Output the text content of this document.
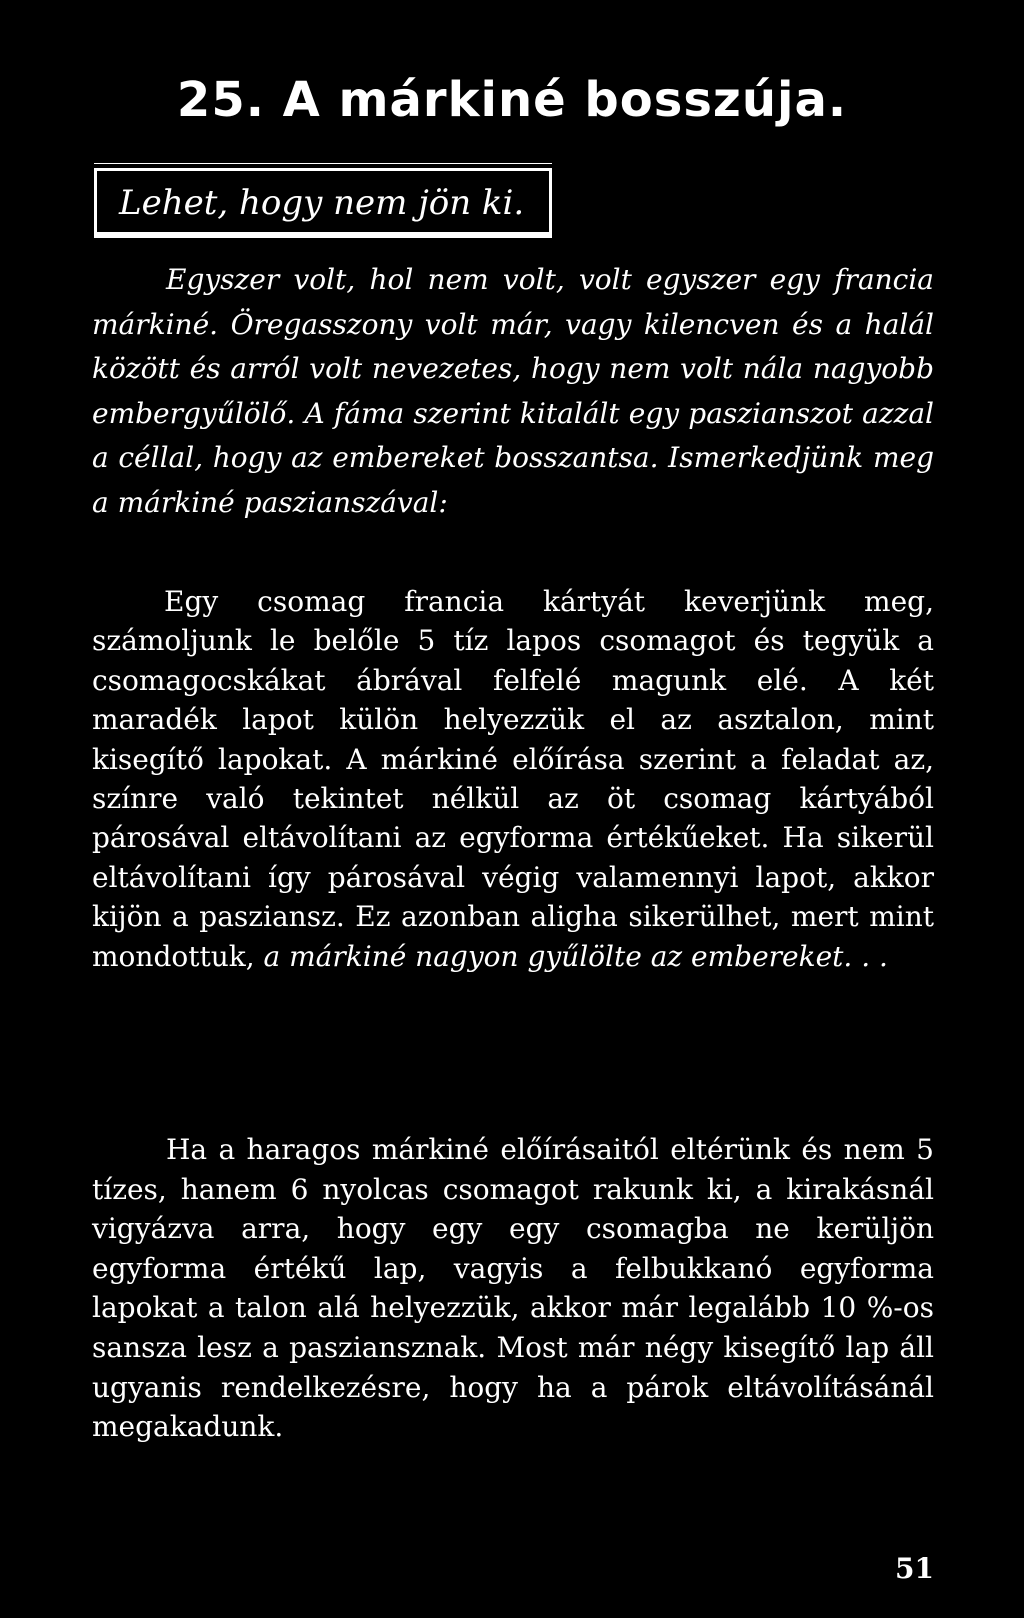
25. A márkiné bosszúja.
Lehet, hogy nem jön ki.

Egyszer volt, hol nem volt, volt egyszer egy francia márkiné. Öregasszony volt már, vagy kilencven és a halál között és arról volt nevezetes, hogy nem volt nála nagyobb embergyűlölő. A fáma szerint kitalált egy paszianszot azzal a céllal, hogy az embereket bosszantsa. Ismerkedjünk meg a márkiné paszianszával:

Egy csomag francia kártyát keverjünk meg, számoljunk le belőle 5 tíz lapos csomagot és tegyük a csomagocskákat ábrával felfelé magunk elé. A két maradék lapot külön helyezzük el az asztalon, mint kisegítő lapokat. A márkiné előírása szerint a feladat az, színre való tekintet nélkül az öt csomag kártyából párosával eltávolítani az egyforma értékűeket. Ha sikerül eltávolítani így párosával végig valamennyi lapot, akkor kijön a pasziansz. Ez azonban aligha sikerülhet, mert mint mondottuk, a márkiné nagyon gyűlölte az embereket. . .

Ha a haragos márkiné előírásaitól eltérünk és nem 5 tízes, hanem 6 nyolcas csomagot rakunk ki, a kirakásnál vigyázva arra, hogy egy egy csomagba ne kerüljön egyforma értékű lap, vagyis a felbukkanó egyforma lapokat a talon alá helyezzük, akkor már legalább 10 %-os sansza lesz a pasziansznak. Most már négy kisegítő lap áll ugyanis rendelkezésre, hogy ha a párok eltávolításánál megakadunk.

51
